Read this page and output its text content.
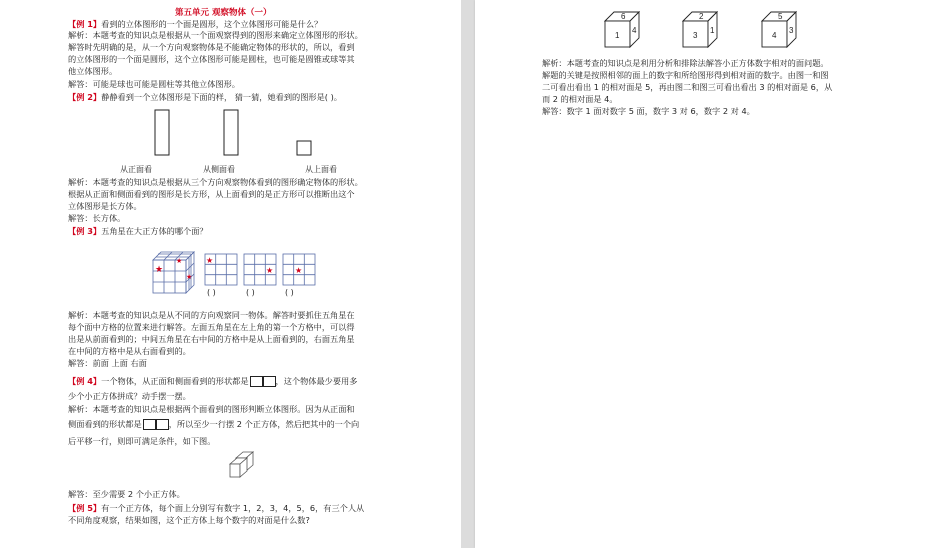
第五单元 观察物体（一）
【例 1】看到的立体图形的一个面是圆形，这个立体图形可能是什么？
解析：本题考查的知识点是根据从一个面观察得到的图形来确定立体图形的形状。
解答时先明确的是，从一个方向观察物体是不能确定物体的形状的，所以，看到
的立体图形的一个面是圆形，这个立体图形可能是圆柱，也可能是圆锥或球等其
他立体图形。
解答：可能是球也可能是圆柱等其他立体图形。
【例 2】静静看到一个立体图形是下面的样， 猜一猜，她看到的图形是( )。
从正面看	从侧面看	从上面看
解析：本题考查的知识点是根据从三个方向观察物体看到的图形确定物体的形状。
根据从正面和侧面看到的图形是长方形，从上面看到的是正方形可以推断出这个
立体图形是长方体。
解答：长方体。
【例 3】五角星在大正方体的哪个面？
★
★
★
★
★	★
( )	( )	( )
解析：本题考查的知识点是从不同的方向观察同一物体。解答时要抓住五角星在
每个面中方格的位置来进行解答。左面五角星在左上角的第一个方格中，可以得
出是从前面看到的；中间五角星在右中间的方格中是从上面看到的，右面五角星
在中间的方格中是从右面看到的。
解答：前面 上面 右面
【例 4】一个物体，从正面和侧面看到的形状都是	，这个物体最少要用多
少个小正方体拼成？动手摆一摆。
解析：本题考查的知识点是根据两个面看到的图形判断立体图形。因为从正面和
侧面看到的形状都是	，所以至少一行摆 2 个正方体，然后把其中的一个向
后平移一行，则即可满足条件，如下图。
解答：至少需要 2 个小正方体。
【例 5】有一个正方体，每个面上分别写有数字 1，2，3，4，5，6，有三个人从
不同角度观察，结果如图，这个正方体上每个数字的对面是什么数?
6
1
4
2
3
1
5
4
3
解析：本题考查的知识点是利用分析和排除法解答小正方体数字相对的面问题。
解题的关键是按照相邻的面上的数字和所给图形得到相对面的数字。由图一和图
二可看出看出 1 的相对面是 5，再由图二和图三可看出看出 3 的相对面是 6，从
而 2 的相对面是 4。
解答：数字 1 面对数字 5 面，数字 3 对 6，数字 2 对 4。
